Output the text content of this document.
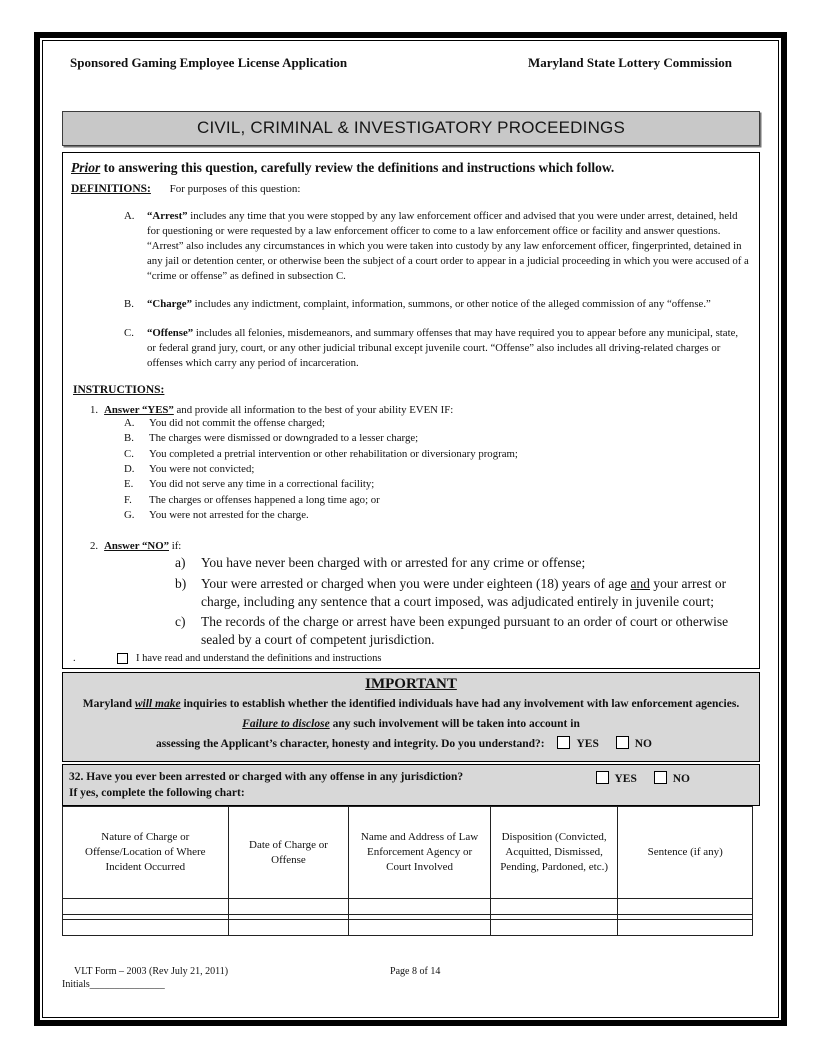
Sponsored Gaming Employee License Application	Maryland State Lottery Commission
CIVIL, CRIMINAL & INVESTIGATORY PROCEEDINGS
Prior to answering this question, carefully review the definitions and instructions which follow.
DEFINITIONS: For purposes of this question:
A.	“Arrest” includes any time that you were stopped by any law enforcement officer and advised that you were under arrest, detained, held for questioning or were requested by a law enforcement officer to come to a law enforcement office or facility and answer questions. “Arrest” also includes any circumstances in which you were taken into custody by any law enforcement officer, fingerprinted, detained in any jail or detention center, or otherwise been the subject of a court order to appear in a judicial proceeding in which you were accused of a “crime or offense” as defined in subsection C.
B.	“Charge” includes any indictment, complaint, information, summons, or other notice of the alleged commission of any “offense.”
C.	“Offense” includes all felonies, misdemeanors, and summary offenses that may have required you to appear before any municipal, state, or federal grand jury, court, or any other judicial tribunal except juvenile court. “Offense” also includes all driving-related charges or offenses which carry any period of incarceration.
INSTRUCTIONS:
1. Answer “YES” and provide all information to the best of your ability EVEN IF:
A.	You did not commit the offense charged;
B.	The charges were dismissed or downgraded to a lesser charge;
C.	You completed a pretrial intervention or other rehabilitation or diversionary program;
D.	You were not convicted;
E.	You did not serve any time in a correctional facility;
F.	The charges or offenses happened a long time ago; or
G.	You were not arrested for the charge.
2. Answer “NO” if:
a)	You have never been charged with or arrested for any crime or offense;
b)	Your were arrested or charged when you were under eighteen (18) years of age and your arrest or charge, including any sentence that a court imposed, was adjudicated entirely in juvenile court;
c)	The records of the charge or arrest have been expunged pursuant to an order of court or otherwise sealed by a court of competent jurisdiction.
.	I have read and understand the definitions and instructions
IMPORTANT
Maryland will make inquiries to establish whether the identified individuals have had any involvement with law enforcement agencies.
Failure to disclose any such involvement will be taken into account in
assessing the Applicant’s character, honesty and integrity. Do you understand?:	YES	NO
32. Have you ever been arrested or charged with any offense in any jurisdiction?
If yes, complete the following chart:
YES	NO
Nature of Charge or Offense/Location of Where Incident Occurred	Date of Charge or Offense	Name and Address of Law Enforcement Agency or Court Involved	Disposition (Convicted, Acquitted, Dismissed, Pending, Pardoned, etc.)	Sentence (if any)

VLT Form – 2003 (Rev July 21, 2011)	Page 8 of 14
Initials_______________
